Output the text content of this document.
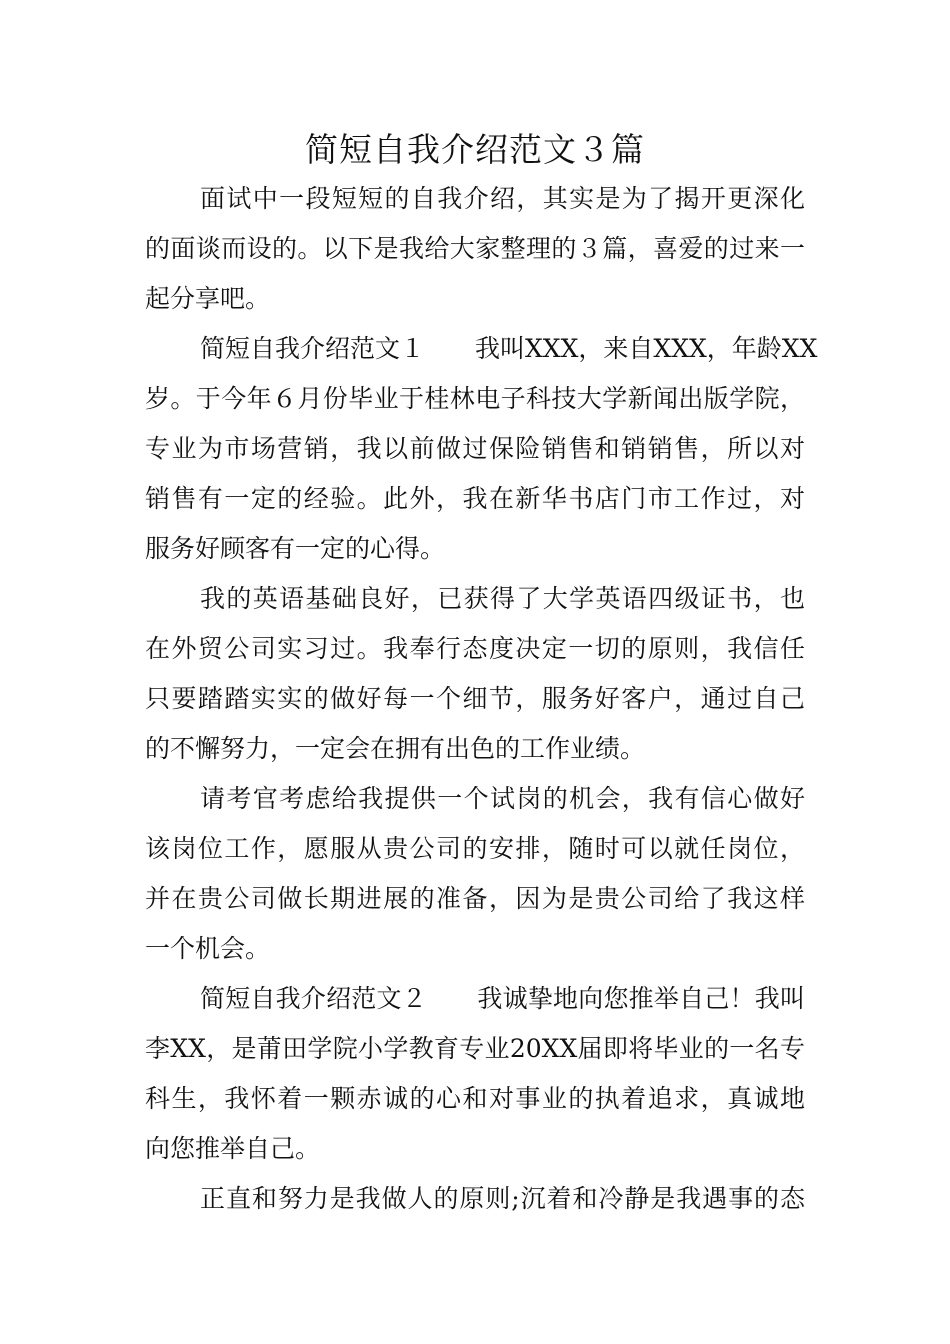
简短自我介绍范文３篇
面试中一段短短的自我介绍，其实是为了揭开更深化
的面谈而设的。以下是我给大家整理的３篇，喜爱的过来一
起分享吧。
简短自我介绍范文１　　我叫XXX，来自XXX，年龄XX
岁。于今年６月份毕业于桂林电子科技大学新闻出版学院，
专业为市场营销，我以前做过保险销售和销销售，所以对
销售有一定的经验。此外，我在新华书店门市工作过，对
服务好顾客有一定的心得。
我的英语基础良好，已获得了大学英语四级证书，也
在外贸公司实习过。我奉行态度决定一切的原则，我信任
只要踏踏实实的做好每一个细节，服务好客户，通过自己
的不懈努力，一定会在拥有出色的工作业绩。
请考官考虑给我提供一个试岗的机会，我有信心做好
该岗位工作，愿服从贵公司的安排，随时可以就任岗位，
并在贵公司做长期进展的准备，因为是贵公司给了我这样
一个机会。
简短自我介绍范文２　　我诚挚地向您推举自己！我叫
李XX，是莆田学院小学教育专业20XX届即将毕业的一名专
科生，我怀着一颗赤诚的心和对事业的执着追求，真诚地
向您推举自己。
正直和努力是我做人的原则;沉着和冷静是我遇事的态
